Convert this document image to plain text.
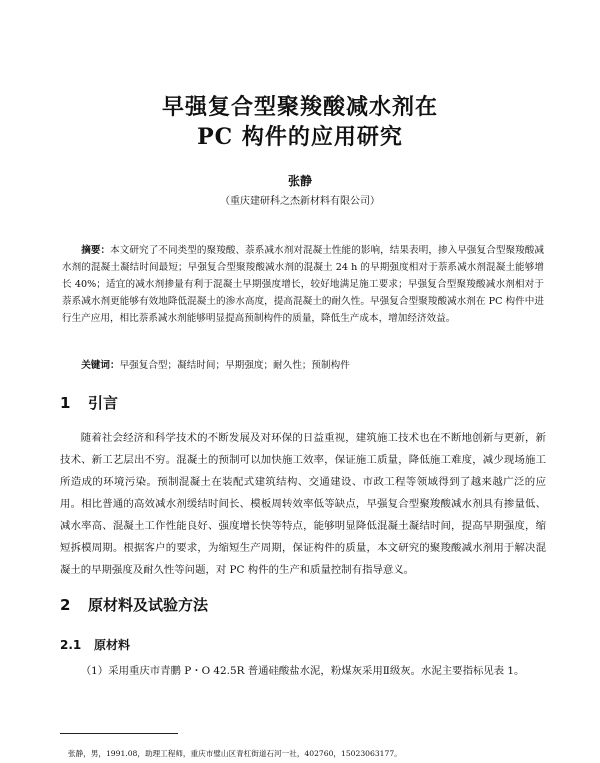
早强复合型聚羧酸减水剂在
PC 构件的应用研究
张静
（重庆建研科之杰新材料有限公司）
摘要：本文研究了不同类型的聚羧酸、萘系减水剂对混凝土性能的影响，结果表明，掺入早强复合型聚羧酸减水剂的混凝土凝结时间最短；早强复合型聚羧酸减水剂的混凝土 24 h 的早期强度相对于萘系减水剂混凝土能够增长 40%；适宜的减水剂掺量有利于混凝土早期强度增长，较好地满足施工要求；早强复合型聚羧酸减水剂相对于萘系减水剂更能够有效地降低混凝土的渗水高度，提高混凝土的耐久性。早强复合型聚羧酸减水剂在 PC 构件中进行生产应用，相比萘系减水剂能够明显提高预制构件的质量，降低生产成本，增加经济效益。
关键词：早强复合型；凝结时间；早期强度；耐久性；预制构件
1 引言
随着社会经济和科学技术的不断发展及对环保的日益重视，建筑施工技术也在不断地创新与更新，新技术、新工艺层出不穷。混凝土的预制可以加快施工效率，保证施工质量，降低施工难度，减少现场施工所造成的环境污染。预制混凝土在装配式建筑结构、交通建设、市政工程等领域得到了越来越广泛的应用。相比普通的高效减水剂缓结时间长、模板周转效率低等缺点，早强复合型聚羧酸减水剂具有掺量低、减水率高、混凝土工作性能良好、强度增长快等特点，能够明显降低混凝土凝结时间，提高早期强度，缩短拆模周期。根据客户的要求，为缩短生产周期，保证构件的质量，本文研究的聚羧酸减水剂用于解决混凝土的早期强度及耐久性等问题，对 PC 构件的生产和质量控制有指导意义。
2 原材料及试验方法
2.1 原材料
（1）采用重庆市青鹏 P・O 42.5R 普通硅酸盐水泥，粉煤灰采用Ⅱ级灰。水泥主要指标见表 1。
张静，男，1991.08，助理工程师，重庆市璧山区青杠街道石河一社，402760，15023063177。
